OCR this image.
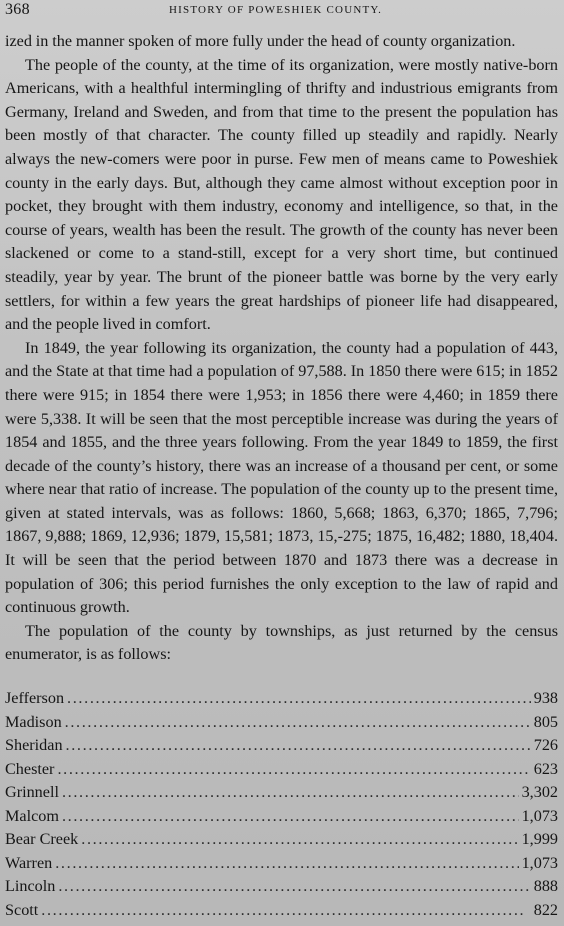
368	HISTORY OF POWESHIEK COUNTY.

ized in the manner spoken of more fully under the head of county organization.

The people of the county, at the time of its organization, were mostly native-born Americans, with a healthful intermingling of thrifty and industrious emigrants from Germany, Ireland and Sweden, and from that time to the present the population has been mostly of that character. The county filled up steadily and rapidly. Nearly always the new-comers were poor in purse. Few men of means came to Poweshiek county in the early days. But, although they came almost without exception poor in pocket, they brought with them industry, economy and intelligence, so that, in the course of years, wealth has been the result. The growth of the county has never been slackened or come to a stand-still, except for a very short time, but continued steadily, year by year. The brunt of the pioneer battle was borne by the very early settlers, for within a few years the great hardships of pioneer life had disappeared, and the people lived in comfort.

In 1849, the year following its organization, the county had a population of 443, and the State at that time had a population of 97,588. In 1850 there were 615; in 1852 there were 915; in 1854 there were 1,953; in 1856 there were 4,460; in 1859 there were 5,338. It will be seen that the most perceptible increase was during the years of 1854 and 1855, and the three years following. From the year 1849 to 1859, the first decade of the county’s history, there was an increase of a thousand per cent, or some where near that ratio of increase. The population of the county up to the present time, given at stated intervals, was as follows: 1860, 5,668; 1863, 6,370; 1865, 7,796; 1867, 9,888; 1869, 12,936; 1879, 15,581; 1873, 15,-275; 1875, 16,482; 1880, 18,404. It will be seen that the period between 1870 and 1873 there was a decrease in population of 306; this period furnishes the only exception to the law of rapid and continuous growth.

The population of the county by townships, as just returned by the census enumerator, is as follows:

Jefferson . . .	938
Madison . . .	805
Sheridan . . .	726
Chester . . .	623
Grinnell . . .	3,302
Malcom . . .	1,073
Bear Creek . . .	1,999
Warren . . .	1,073
Lincoln . . .	888
Scott . . .	822
